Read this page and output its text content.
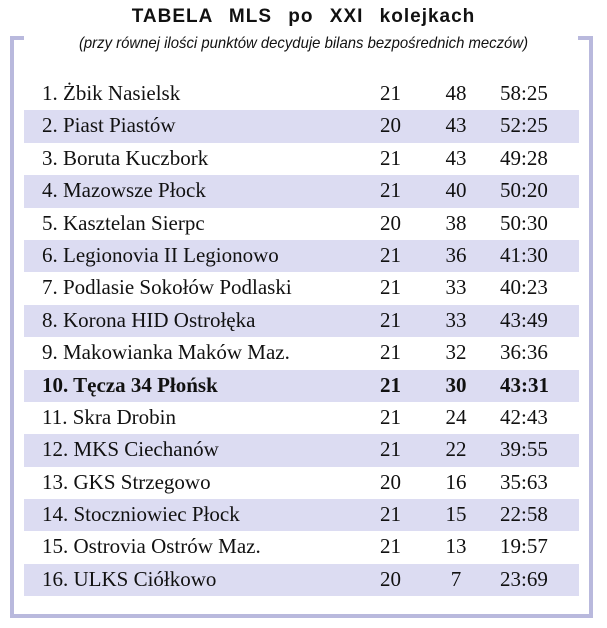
TABELA MLS po XXI kolejkach
(przy równej ilości punktów decyduje bilans bezpośrednich meczów)
1. Żbik Nasielsk	21 48 58:25
2. Piast Piastów	20 43 52:25
3. Boruta Kuczbork	21 43 49:28
4. Mazowsze Płock	21 40 50:20
5. Kasztelan Sierpc	20 38 50:30
6. Legionovia II Legionowo	21 36 41:30
7. Podlasie Sokołów Podlaski	21 33 40:23
8. Korona HID Ostrołęka	21 33 43:49
9. Makowianka Maków Maz.	21 32 36:36
10. Tęcza 34 Płońsk	21 30 43:31
11. Skra Drobin	21 24 42:43
12. MKS Ciechanów	21 22 39:55
13. GKS Strzegowo	20 16 35:63
14. Stoczniowiec Płock	21 15 22:58
15. Ostrovia Ostrów Maz.	21 13 19:57
16. ULKS Ciółkowo	20	7	23:69
